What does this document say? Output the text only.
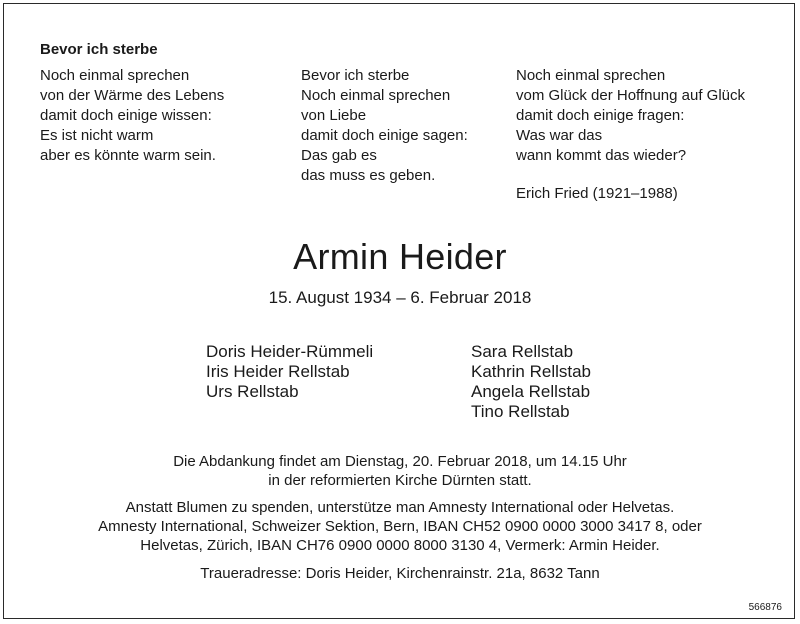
Bevor ich sterbe
Noch einmal sprechen
von der Wärme des Lebens
damit doch einige wissen:
Es ist nicht warm
aber es könnte warm sein.
Bevor ich sterbe
Noch einmal sprechen
von Liebe
damit doch einige sagen:
Das gab es
das muss es geben.
Noch einmal sprechen
vom Glück der Hoffnung auf Glück
damit doch einige fragen:
Was war das
wann kommt das wieder?
Erich Fried (1921–1988)
Armin Heider
15. August 1934 – 6. Februar 2018
Doris Heider-Rümmeli
Iris Heider Rellstab
Urs Rellstab
Sara Rellstab
Kathrin Rellstab
Angela Rellstab
Tino Rellstab
Die Abdankung findet am Dienstag, 20. Februar 2018, um 14.15 Uhr
in der reformierten Kirche Dürnten statt.
Anstatt Blumen zu spenden, unterstütze man Amnesty International oder Helvetas.
Amnesty International, Schweizer Sektion, Bern, IBAN CH52 0900 0000 3000 3417 8, oder
Helvetas, Zürich, IBAN CH76 0900 0000 8000 3130 4, Vermerk: Armin Heider.
Traueradresse: Doris Heider, Kirchenrainstr. 21a, 8632 Tann
566876
